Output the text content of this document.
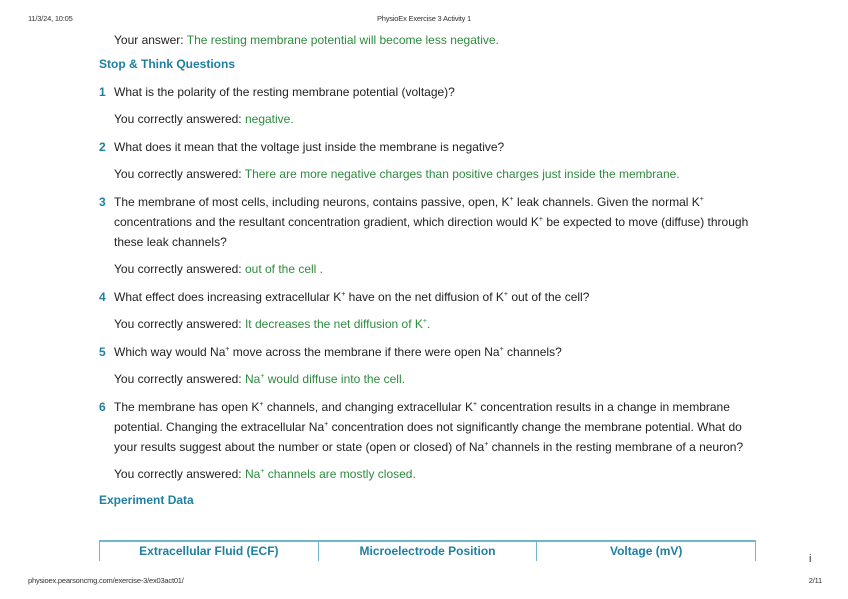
11/3/24, 10:05	PhysioEx Exercise 3 Activity 1

Your answer: The resting membrane potential will become less negative.

Stop & Think Questions
1 What is the polarity of the resting membrane potential (voltage)?

You correctly answered: negative.

2 What does it mean that the voltage just inside the membrane is negative?

You correctly answered: There are more negative charges than positive charges just inside the membrane.

3 The membrane of most cells, including neurons, contains passive, open, K+ leak channels. Given the normal K+ concentrations and the resultant concentration gradient, which direction would K+ be expected to move (diffuse) through these leak channels?

You correctly answered: out of the cell .

4 What effect does increasing extracellular K+ have on the net diffusion of K+ out of the cell?

You correctly answered: It decreases the net diffusion of K+.

5 Which way would Na+ move across the membrane if there were open Na+ channels?

You correctly answered: Na+ would diffuse into the cell.

6 The membrane has open K+ channels, and changing extracellular K+ concentration results in a change in membrane potential. Changing the extracellular Na+ concentration does not significantly change the membrane potential. What do your results suggest about the number or state (open or closed) of Na+ channels in the resting membrane of a neuron?

You correctly answered: Na+ channels are mostly closed.

Experiment Data
Extracellular Fluid (ECF)	Microelectrode Position	Voltage (mV)
i
physioex.pearsoncmg.com/exercise-3/ex03act01/	2/11
